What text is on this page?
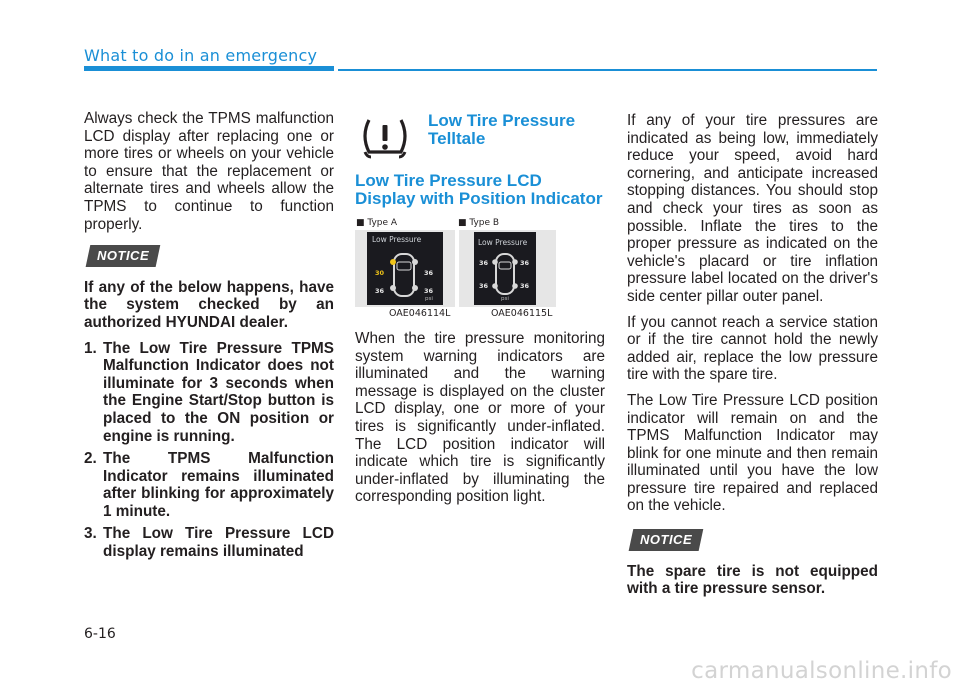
What to do in an emergency

Always check the TPMS malfunction LCD display after replacing one or more tires or wheels on your vehicle to ensure that the replacement or alternate tires and wheels allow the TPMS to continue to function properly.

NOTICE

If any of the below happens, have the system checked by an authorized HYUNDAI dealer.

1. The Low Tire Pressure TPMS Malfunction Indicator does not illuminate for 3 seconds when the Engine Start/Stop button is placed to the ON position or engine is running.
2. The TPMS Malfunction Indicator remains illuminated after blinking for approximately 1 minute.
3. The Low Tire Pressure LCD display remains illuminated
Low Tire Pressure Telltale
Low Tire Pressure LCD Display with Position Indicator
■ Type A	■ Type B
Low Pressure
30	36
36	36
psi
Low Pressure
36	36
36	36
psi
OAE046114L	OAE046115L

When the tire pressure monitoring system warning indicators are illuminated and the warning message is displayed on the cluster LCD display, one or more of your tires is significantly under-inflated. The LCD position indicator will indicate which tire is significantly under-inflated by illuminating the corresponding position light.

If any of your tire pressures are indicated as being low, immediately reduce your speed, avoid hard cornering, and anticipate increased stopping distances. You should stop and check your tires as soon as possible. Inflate the tires to the proper pressure as indicated on the vehicle's placard or tire inflation pressure label located on the driver's side center pillar outer panel.

If you cannot reach a service station or if the tire cannot hold the newly added air, replace the low pressure tire with the spare tire.

The Low Tire Pressure LCD position indicator will remain on and the TPMS Malfunction Indicator may blink for one minute and then remain illuminated until you have the low pressure tire repaired and replaced on the vehicle.

NOTICE

The spare tire is not equipped with a tire pressure sensor.

6-16
carmanualsonline.info
